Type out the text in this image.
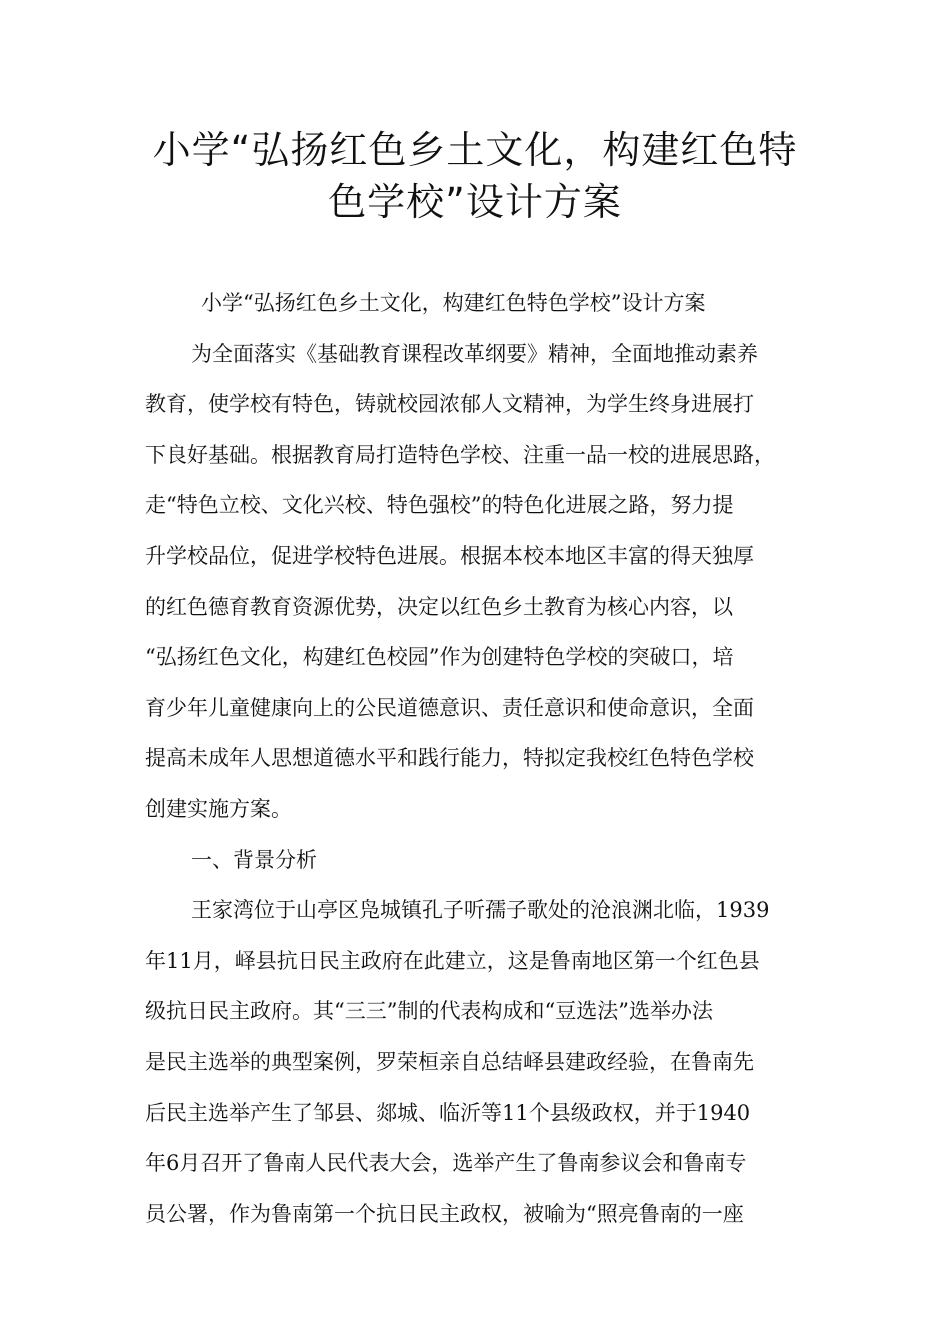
小学“弘扬红色乡土文化，构建红色特
色学校”设计方案
小学“弘扬红色乡土文化，构建红色特色学校”设计方案
为全面落实《基础教育课程改革纲要》精神，全面地推动素养
教育，使学校有特色，铸就校园浓郁人文精神，为学生终身进展打
下良好基础。根据教育局打造特色学校、注重一品一校的进展思路，
走“特色立校、文化兴校、特色强校”的特色化进展之路，努力提
升学校品位，促进学校特色进展。根据本校本地区丰富的得天独厚
的红色德育教育资源优势，决定以红色乡土教育为核心内容，以
“弘扬红色文化，构建红色校园”作为创建特色学校的突破口，培
育少年儿童健康向上的公民道德意识、责任意识和使命意识，全面
提高未成年人思想道德水平和践行能力，特拟定我校红色特色学校
创建实施方案。
一、背景分析
王家湾位于山亭区凫城镇孔子听孺子歌处的沧浪渊北临，1939
年11月，峄县抗日民主政府在此建立，这是鲁南地区第一个红色县
级抗日民主政府。其“三三”制的代表构成和“豆选法”选举办法
是民主选举的典型案例，罗荣桓亲自总结峄县建政经验，在鲁南先
后民主选举产生了邹县、郯城、临沂等11个县级政权，并于1940
年6月召开了鲁南人民代表大会，选举产生了鲁南参议会和鲁南专
员公署，作为鲁南第一个抗日民主政权，被喻为“照亮鲁南的一座
